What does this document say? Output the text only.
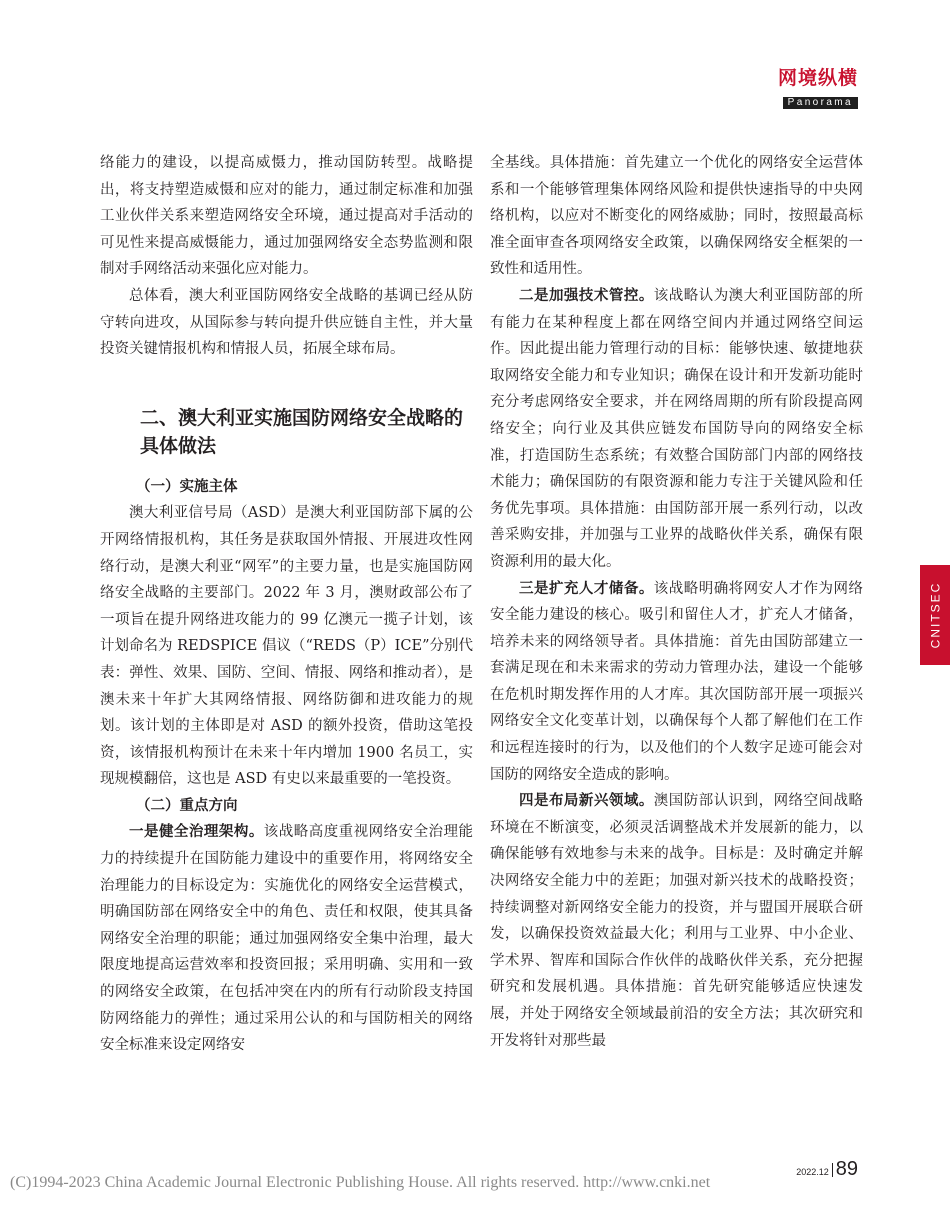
网境纵横
Panorama

络能力的建设，以提高威慑力，推动国防转型。战略提出，将支持塑造威慑和应对的能力，通过制定标准和加强工业伙伴关系来塑造网络安全环境，通过提高对手活动的可见性来提高威慑能力，通过加强网络安全态势监测和限制对手网络活动来强化应对能力。

总体看，澳大利亚国防网络安全战略的基调已经从防守转向进攻，从国际参与转向提升供应链自主性，并大量投资关键情报机构和情报人员，拓展全球布局。

二、澳大利亚实施国防网络安全战略的具体做法
（一）实施主体

澳大利亚信号局（ASD）是澳大利亚国防部下属的公开网络情报机构，其任务是获取国外情报、开展进攻性网络行动，是澳大利亚“网军”的主要力量，也是实施国防网络安全战略的主要部门。2022 年 3 月，澳财政部公布了一项旨在提升网络进攻能力的 99 亿澳元一揽子计划，该计划命名为 REDSPICE 倡议（“REDS（P）ICE”分别代表：弹性、效果、国防、空间、情报、网络和推动者），是澳未来十年扩大其网络情报、网络防御和进攻能力的规划。该计划的主体即是对 ASD 的额外投资，借助这笔投资，该情报机构预计在未来十年内增加 1900 名员工，实现规模翻倍，这也是 ASD 有史以来最重要的一笔投资。

（二）重点方向

一是健全治理架构。该战略高度重视网络安全治理能力的持续提升在国防能力建设中的重要作用，将网络安全治理能力的目标设定为：实施优化的网络安全运营模式，明确国防部在网络安全中的角色、责任和权限，使其具备网络安全治理的职能；通过加强网络安全集中治理，最大限度地提高运营效率和投资回报；采用明确、实用和一致的网络安全政策，在包括冲突在内的所有行动阶段支持国防网络能力的弹性；通过采用公认的和与国防相关的网络安全标准来设定网络安

全基线。具体措施：首先建立一个优化的网络安全运营体系和一个能够管理集体网络风险和提供快速指导的中央网络机构，以应对不断变化的网络威胁；同时，按照最高标准全面审查各项网络安全政策，以确保网络安全框架的一致性和适用性。

二是加强技术管控。该战略认为澳大利亚国防部的所有能力在某种程度上都在网络空间内并通过网络空间运作。因此提出能力管理行动的目标：能够快速、敏捷地获取网络安全能力和专业知识；确保在设计和开发新功能时充分考虑网络安全要求，并在网络周期的所有阶段提高网络安全；向行业及其供应链发布国防导向的网络安全标准，打造国防生态系统；有效整合国防部门内部的网络技术能力；确保国防的有限资源和能力专注于关键风险和任务优先事项。具体措施：由国防部开展一系列行动，以改善采购安排，并加强与工业界的战略伙伴关系，确保有限资源利用的最大化。

三是扩充人才储备。该战略明确将网安人才作为网络安全能力建设的核心。吸引和留住人才，扩充人才储备，培养未来的网络领导者。具体措施：首先由国防部建立一套满足现在和未来需求的劳动力管理办法，建设一个能够在危机时期发挥作用的人才库。其次国防部开展一项振兴网络安全文化变革计划，以确保每个人都了解他们在工作和远程连接时的行为，以及他们的个人数字足迹可能会对国防的网络安全造成的影响。

四是布局新兴领域。澳国防部认识到，网络空间战略环境在不断演变，必须灵活调整战术并发展新的能力，以确保能够有效地参与未来的战争。目标是：及时确定并解决网络安全能力中的差距；加强对新兴技术的战略投资；持续调整对新网络安全能力的投资，并与盟国开展联合研发，以确保投资效益最大化；利用与工业界、中小企业、学术界、智库和国际合作伙伴的战略伙伴关系，充分把握研究和发展机遇。具体措施：首先研究能够适应快速发展，并处于网络安全领域最前沿的安全方法；其次研究和开发将针对那些最

CNITSEC
2022.12 89
(C)1994-2023 China Academic Journal Electronic Publishing House. All rights reserved. http://www.cnki.net
